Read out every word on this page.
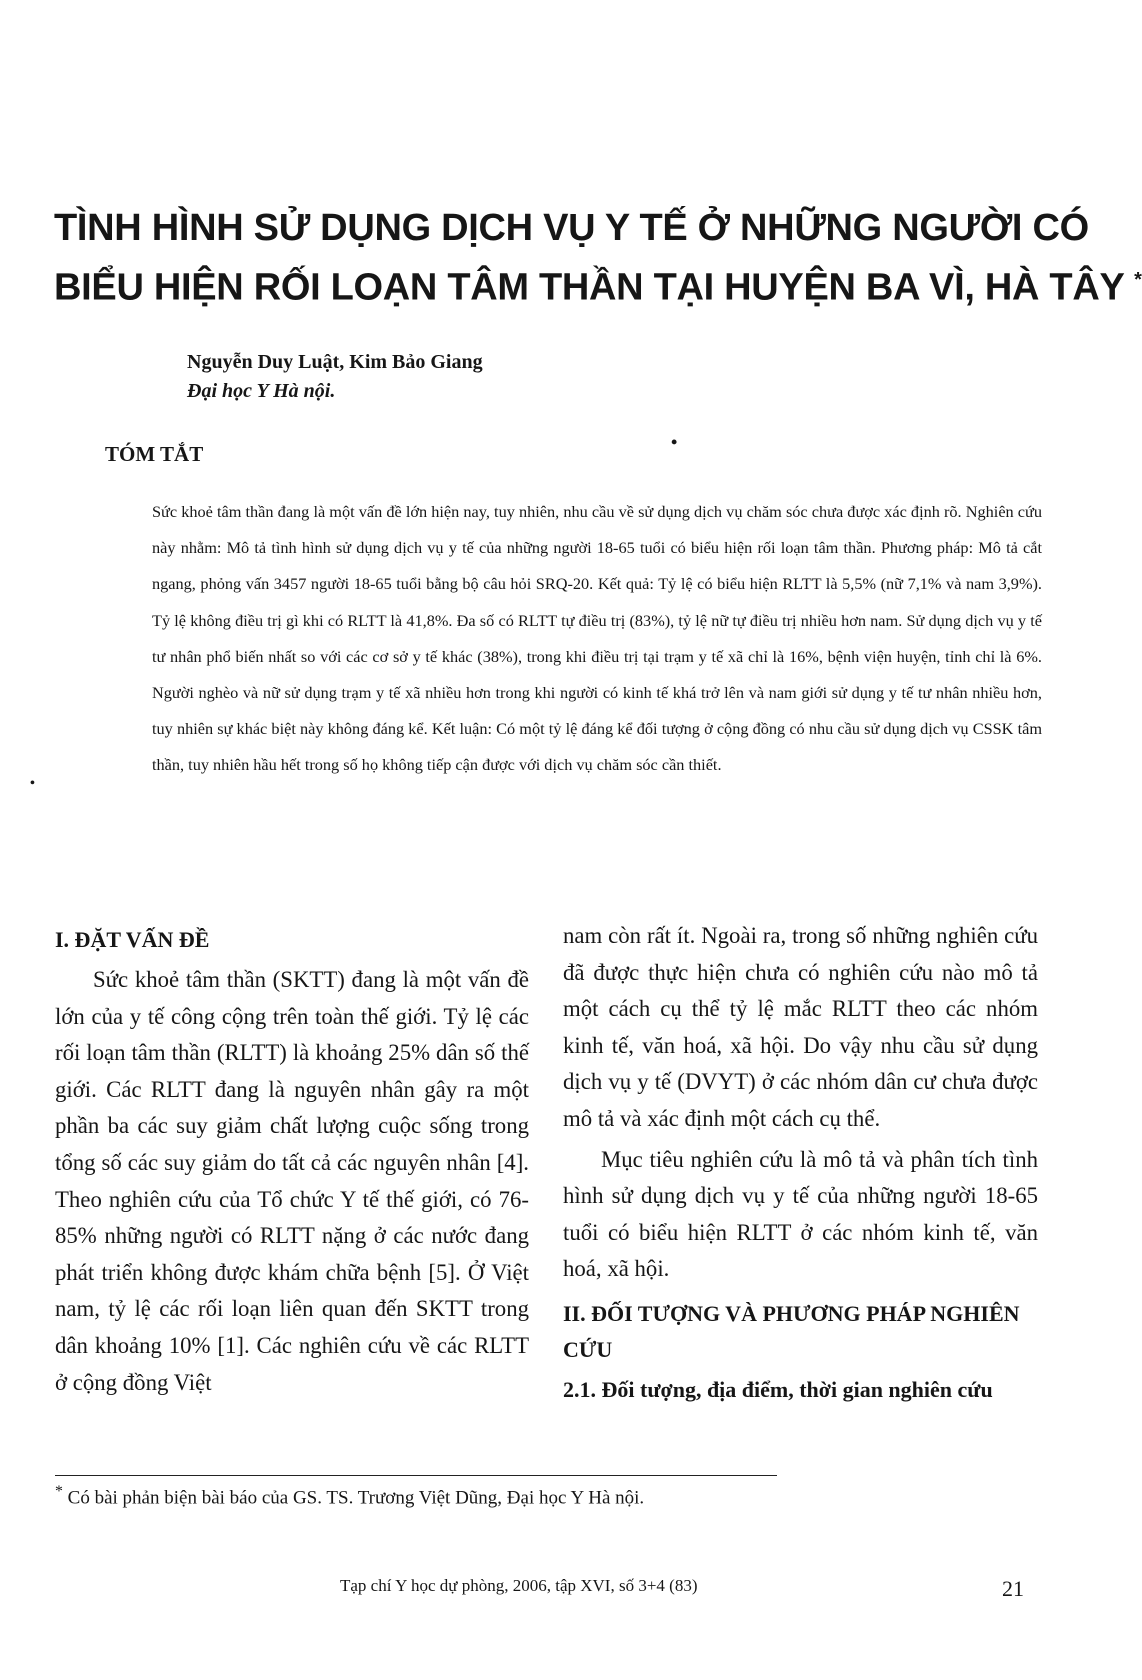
TÌNH HÌNH SỬ DỤNG DỊCH VỤ Y TẾ Ở NHỮNG NGƯỜI CÓ
BIỂU HIỆN RỐI LOẠN TÂM THẦN TẠI HUYỆN BA VÌ, HÀ TÂY *
Nguyễn Duy Luật, Kim Bảo Giang
Đại học Y Hà nội.
TÓM TẮT	•

Sức khoẻ tâm thần đang là một vấn đề lớn hiện nay, tuy nhiên, nhu cầu về sử dụng dịch vụ chăm sóc chưa được xác định rõ. Nghiên cứu này nhằm: Mô tả tình hình sử dụng dịch vụ y tế của những người 18-65 tuổi có biểu hiện rối loạn tâm thần. Phương pháp: Mô tả cắt ngang, phỏng vấn 3457 người 18-65 tuổi bằng bộ câu hỏi SRQ-20. Kết quả: Tỷ lệ có biểu hiện RLTT là 5,5% (nữ 7,1% và nam 3,9%). Tỷ lệ không điều trị gì khi có RLTT là 41,8%. Đa số có RLTT tự điều trị (83%), tỷ lệ nữ tự điều trị nhiều hơn nam. Sử dụng dịch vụ y tế tư nhân phổ biến nhất so với các cơ sở y tế khác (38%), trong khi điều trị tại trạm y tế xã chỉ là 16%, bệnh viện huyện, tỉnh chỉ là 6%. Người nghèo và nữ sử dụng trạm y tế xã nhiều hơn trong khi người có kinh tế khá trở lên và nam giới sử dụng y tế tư nhân nhiều hơn, tuy nhiên sự khác biệt này không đáng kể. Kết luận: Có một tỷ lệ đáng kể đối tượng ở cộng đồng có nhu cầu sử dụng dịch vụ CSSK tâm thần, tuy nhiên hầu hết trong số họ không tiếp cận được với dịch vụ chăm sóc cần thiết.

•
I. ĐẶT VẤN ĐỀ

Sức khoẻ tâm thần (SKTT) đang là một vấn đề lớn của y tế công cộng trên toàn thế giới. Tỷ lệ các rối loạn tâm thần (RLTT) là khoảng 25% dân số thế giới. Các RLTT đang là nguyên nhân gây ra một phần ba các suy giảm chất lượng cuộc sống trong tổng số các suy giảm do tất cả các nguyên nhân [4]. Theo nghiên cứu của Tổ chức Y tế thế giới, có 76-85% những người có RLTT nặng ở các nước đang phát triển không được khám chữa bệnh [5]. Ở Việt nam, tỷ lệ các rối loạn liên quan đến SKTT trong dân khoảng 10% [1]. Các nghiên cứu về các RLTT ở cộng đồng Việt

nam còn rất ít. Ngoài ra, trong số những nghiên cứu đã được thực hiện chưa có nghiên cứu nào mô tả một cách cụ thể tỷ lệ mắc RLTT theo các nhóm kinh tế, văn hoá, xã hội. Do vậy nhu cầu sử dụng dịch vụ y tế (DVYT) ở các nhóm dân cư chưa được mô tả và xác định một cách cụ thể.

Mục tiêu nghiên cứu là mô tả và phân tích tình hình sử dụng dịch vụ y tế của những người 18-65 tuổi có biểu hiện RLTT ở các nhóm kinh tế, văn hoá, xã hội.

II. ĐỐI TƯỢNG VÀ PHƯƠNG PHÁP NGHIÊN CỨU

2.1. Đối tượng, địa điểm, thời gian nghiên cứu

* Có bài phản biện bài báo của GS. TS. Trương Việt Dũng, Đại học Y Hà nội.
Tạp chí Y học dự phòng, 2006, tập XVI, số 3+4 (83)	21
